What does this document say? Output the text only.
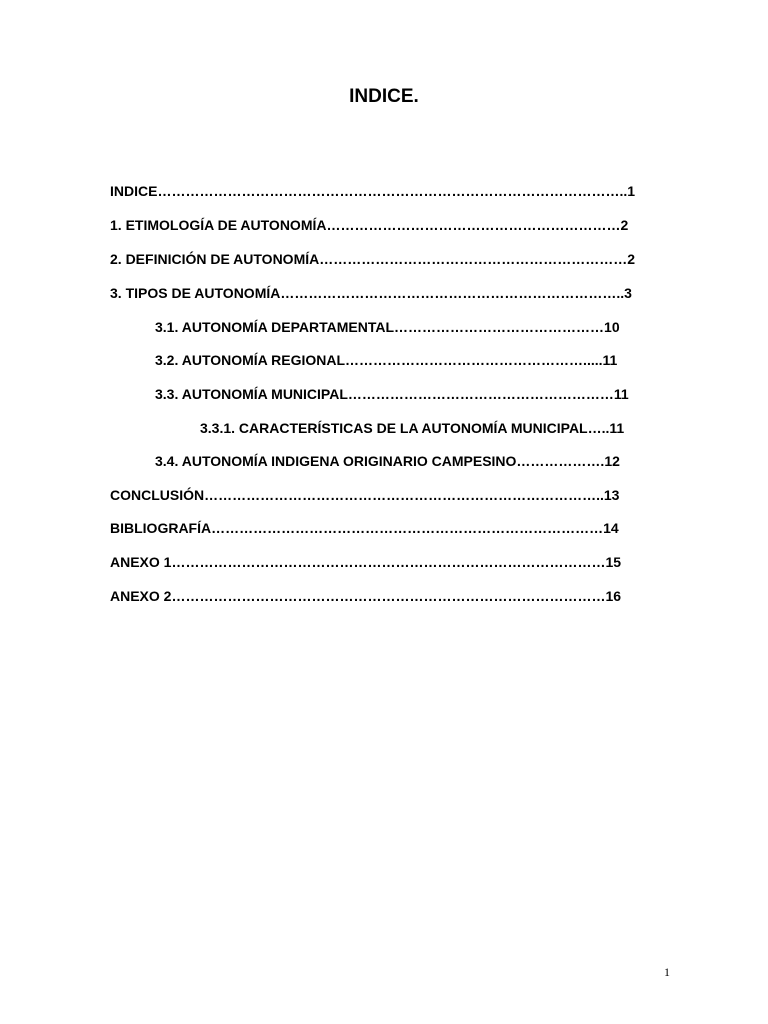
INDICE.
INDICE………………………………………………………………………………………..1
1. ETIMOLOGÍA DE AUTONOMÍA………………………………………………………2
2. DEFINICIÓN DE AUTONOMÍA…………………………………………………………2
3. TIPOS DE AUTONOMÍA………………………………………………………………..3
3.1. AUTONOMÍA DEPARTAMENTAL………………………………………10
3.2. AUTONOMÍA REGIONAL…………………………………………….....11
3.3. AUTONOMÍA MUNICIPAL…………………………………………………11
3.3.1. CARACTERÍSTICAS DE LA AUTONOMÍA MUNICIPAL…..11
3.4. AUTONOMÍA INDIGENA ORIGINARIO CAMPESINO……………….12
CONCLUSIÓN…………………………………………………………………………..13
BIBLIOGRAFÍA…………………………………………………………………………14
ANEXO 1…………………………………………………………………………………15
ANEXO 2…………………………………………………………………………………16
1
